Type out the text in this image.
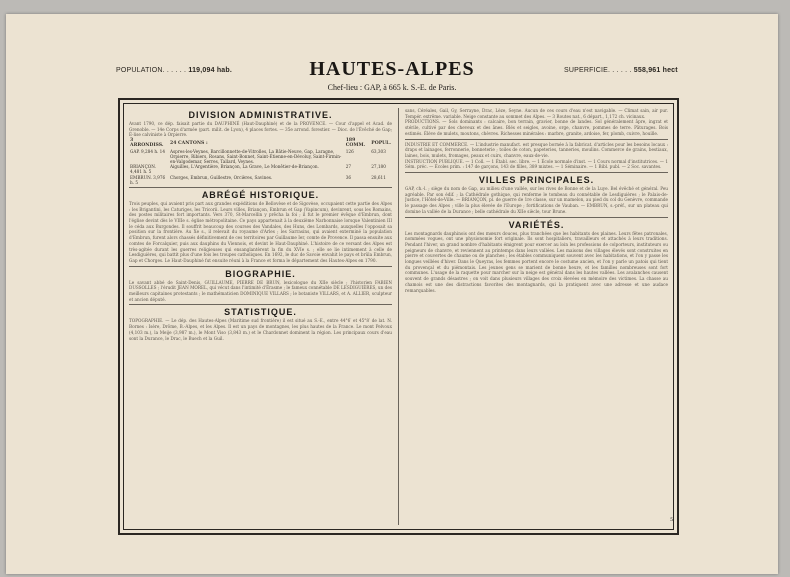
POPULATION. . . . . . 119,094 hab.	HAUTES-ALPES
Chef-lieu : GAP, à 665 k. S.-E. de Paris.
SUPERFICIE. . . . . . 558,961 hect
DIVISION ADMINISTRATIVE.

Avant 1790, ce dép. faisait partie du DAUPHINÉ (Haut-Dauphiné) et de la PROVENCE. — Cour d'appel et Acad. de Grenoble. — 14e Corps d'armée (part. milit. de Lyon), 4 places fortes. — 35e arrond. forestier. — Dioc. de l'Évêché de Gap; É-lise calviniste à Orpierre.

3 ARRONDISS.	24 CANTONS :	189 COMM.	POPUL.
GAP. 9,284 h. 14	Aspres-les-Veynes, Barcillonnette-de-Vitrolles, La Bâtie-Neuve, Gap, Laragne, Orpierre, Ribiers, Rosans, Saint-Bonnet, Saint-Étienne-en-Dévoluy, Saint-Firmin-en-Valgodemar, Serres, Tallard, Veynes.	126	63,303
BRIANÇON. 4,481 h. 5	Aiguilles, L'Argentière, Briançon, La Grave, Le Monêtier-de-Briançon.	27	27,180
EMBRUN. 3,976 h. 5	Chorges, Embrun, Guillestre, Orcières, Savines.	36	28,611
ABRÉGÉ HISTORIQUE.

Trois peuples, qui avaient pris part aux grandes expéditions de Bellovèse et de Sigovèse, occupaient cette partie des Alpes : les Brigantini, les Caturiges, les Tricorii. Leurs villes, Briançon, Embrun et Gap (Vapincum), devinrent, sous les Romains, des postes militaires fort importants. Vers 370, St-Marcellin y prêcha la foi ; il fut le premier évêque d'Embrun, dont l'église devint dès le VIIIe s. église métropolitaine. Ce pays appartenait à la deuxième Narbonnaise lorsque Valentinien III le céda aux Burgondes. Il souffrit beaucoup des courses des Vandales, des Huns, des Lombards, auxquelles l'opposait sa position sur la frontière. Au Xe s., il relevait du royaume d'Arles ; les Sarrasins, qui avaient exterminé la population d'Embrun, furent alors chassés définitivement de ces territoires par Guillaume Ier, comte de Provence. Il passa ensuite aux comtes de Forcalquier, puis aux dauphins du Viennois, et devint le Haut-Dauphiné. L'histoire de ce versant des Alpes est très-agitée durant les guerres religieuses qui ensanglantèrent la fin du XVIe s. ; elle se lie intimement à celle de Lesdiguières, qui battit plus d'une fois les troupes catholiques. En 1692, le duc de Savoie envahit le pays et brûla Embrun, Gap et Chorges. Le Haut-Dauphiné fut ensuite réuni à la France et forma le département des Hautes-Alpes en 1790.

BIOGRAPHIE.

Le savant abbé de Saint-Denis, GUILLAUME, PIERRE DE BRUN, lexicologue du XIIe siècle ; l'historien FABIEN DUSSOLLES ; l'érudit JEAN MOREL, qui vécut dans l'intimité d'Érasme ; le fameux connétable DE LESDIGUIÈRES, un des meilleurs capitaines protestants ; le mathématicien DOMINIQUE VILLARS ; le botaniste VILLARS, et A. ALLIER, sculpteur et ancien député.

STATISTIQUE.

TOPOGRAPHIE. — Le dép. des Hautes-Alpes (Maritime sud frontière) il est situé au S.-E., entre 44°6′ et 45°8′ de lat. N. Bornes : Isère, Drôme, B.-Alpes, et les Alpes. Il est un pays de montagnes, les plus hautes de la France. Le mont Pelvoux (4,103 m.), la Meije (3,987 m.), le Mont Viso (3,843 m.) et le Chardonnet dominent la région. Les principaux cours d'eau sont la Durance, le Drac, le Buech et la Guil.

sans, Céréales, Gail, Gy, Serrayne, Drac, Lèze, Seyne. Aucun de ces cours d'eau n'est navigable. — Climat sain, air pur. Tempér. extrême. variable. Neige constante au sommet des Alpes. — 3 Routes nat., 6 départ., 1,172 ch. vicinaux.

PRODUCTIONS. — Sols dominants : calcaire, bon terrain, gravier, bonne de landes. Sol généralement âpre, ingrat et stérile, cultivé par des cheveux et des ânes. Blés et seigles, avoine, orge, chanvre, pommes de terre. Pâturages. Bois estimés. Élève de mulets, moutons, chèvres. Richesses minérales : marbre, granite, ardoise, fer, plomb, cuivre, houille.

INDUSTRIE ET COMMERCE. — L'industrie manufact. est presque bornée à la fabricat. d'articles pour les besoins locaux : draps et lainages, ferronnerie, bonneterie ; toiles de coton, papeteries, tanneries, moulins. Commerce de grains, bestiaux, laines, bois, mulets, fromages, peaux et cuirs, chanvre, eaux-de-vie.

INSTRUCTION PUBLIQUE. — 1 Coll. — 1 Établ. sec. libre. — 1 École normale d'inst. — 1 Cours normal d'institutrices. — 1 Sém. préc. — Écoles prim. : 147 de garçons, 143 de filles, 389 mixtes. — 1 Séminaire. — 1 Bibl. publ. — 2 Soc. savantes.

VILLES PRINCIPALES.

GAP, ch.-l. ; siège du nom de Gap, au milieu d'une vallée, sur les rives de Bonne et de la Luye. Bel évêché et général. Peu agréable. Par son édif. ; la Cathédrale gothique, qui renferme le tombeau du connétable de Lesdiguières ; le Palais-de-Justice, l'Hôtel-de-Ville. — BRIANÇON, pl. de guerre de 1re classe, sur un mamelon, au pied du col du Genèvre, commande le passage des Alpes ; ville la plus élevée de l'Europe ; fortifications de Vauban. — EMBRUN, s.-préf., sur un plateau qui domine la vallée de la Durance ; belle cathédrale du XIIe siècle, tour Brune.

VARIÉTÉS.

Les montagnards dauphinois ont des mœurs douces, plus tranchées que les habitants des plaines. Leurs fêtes patronales, nommées vogues, ont une physionomie fort originale. Ils sont hospitaliers, travailleurs et attachés à leurs traditions. Pendant l'hiver, un grand nombre d'habitants émigrent pour exercer au loin les professions de colporteurs, instituteurs ou peigneurs de chanvre, et reviennent au printemps dans leurs vallées. Les maisons des villages élevés sont construites en pierre et couvertes de chaume ou de planches ; les étables communiquent souvent avec les habitations, et l'on y passe les longues veillées d'hiver. Dans le Queyras, les femmes portent encore le costume ancien, et l'on y parle un patois qui tient du provençal et du piémontais. Les jeunes gens se marient de bonne heure, et les familles nombreuses sont fort communes. L'usage de la raquette pour marcher sur la neige est général dans les hautes vallées. Les avalanches causent souvent de grands désastres ; on voit dans plusieurs villages des croix élevées en mémoire des victimes. La chasse au chamois est une des distractions favorites des montagnards, qui la pratiquent avec une adresse et une audace remarquables.

5
